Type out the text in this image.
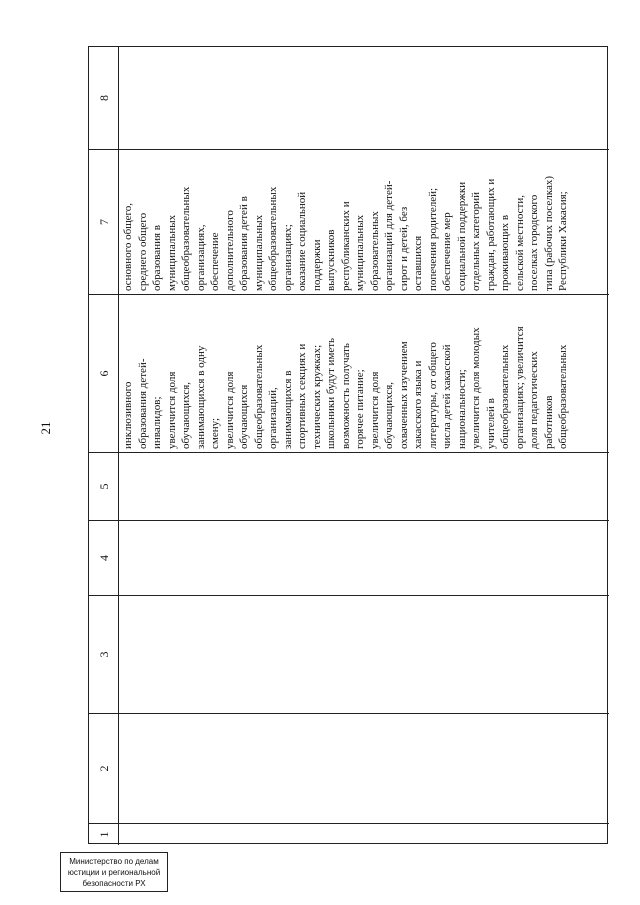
21
1
2
3
4
5
6
7
8
инклюзивного образования детей- инвалидов; увеличится доля обучающихся, занимающихся в одну смену; увеличится доля обучающихся общеобразовательных организаций, занимающихся в спортивных секциях и технических кружках; школьники будут иметь возможность получать горячее питание; увеличится доля обучающихся, охваченных изучением хакасского языка и литературы, от общего числа детей хакасской национальности; увеличится доля молодых учителей в общеобразовательных организациях; увеличится доля педагогических работников общеобразовательных
основного общего, среднего общего образования в муниципальных общеобразовательных организациях, обеспечение дополнительного образования детей в муниципальных общеобразовательных организациях; оказание социальной поддержки выпускников республиканских и муниципальных образовательных организаций для детей- сирот и детей, без оставшихся попечения родителей; обеспечение мер социальной поддержки отдельных категорий граждан, работающих и проживающих в сельской местности, поселках городского типа (рабочих поселках) Республики Хакасия;
Министерство по делам
юстиции и региональной
безопасности РХ
